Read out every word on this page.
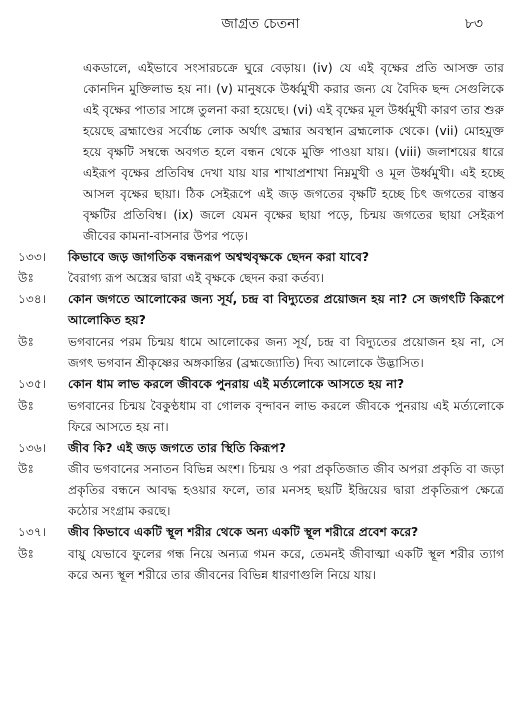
জাগ্রত চেতনা	৮৩

একডালে, এইভাবে সংসারচক্রে ঘুরে বেড়ায়। (iv) যে এই বৃক্ষের প্রতি আসক্ত তার কোনদিন মুক্তিলাভ হয় না। (v) মানুষকে উর্ধ্বমুখী করার জন্য যে বৈদিক ছন্দ সেগুলিকে এই বৃক্ষের পাতার সাঙ্গে তুলনা করা হয়েছে। (vi) এই বৃক্ষের মূল উর্ধ্বমুখী কারণ তার শুরু হয়েছে ব্রহ্মাণ্ডের সর্বোচ্চ লোক অর্থাৎ ব্রহ্মার অবস্থান ব্রহ্মলোক থেকে। (vii) মোহমুক্ত হয়ে বৃক্ষটি সম্বন্ধে অবগত হলে বন্ধন থেকে মুক্তি পাওয়া যায়। (viii) জলাশয়ের ধারে এইরূপ বৃক্ষের প্রতিবিম্ব দেখা যায় যার শাখাপ্রশাখা নিম্নমুখী ও মূল উর্ধ্বমুখী। এই হচ্ছে আসল বৃক্ষের ছায়া। ঠিক সেইরূপে এই জড় জগতের বৃক্ষটি হচ্ছে চিৎ জগতের বাস্তব বৃক্ষটির প্রতিবিম্ব। (ix) জলে যেমন বৃক্ষের ছায়া পড়ে, চিন্ময় জগতের ছায়া সেইরূপ জীবের কামনা-বাসনার উপর পড়ে।

১৩৩।	কিভাবে জড় জাগতিক বন্ধনরূপ অশ্বত্থবৃক্ষকে ছেদন করা যাবে?
উঃ	বৈরাগ্য রূপ অস্ত্রের দ্বারা এই বৃক্ষকে ছেদন করা কর্তব্য।
১৩৪।	কোন জগতে আলোকের জন্য সূর্য, চন্দ্র বা বিদ্যুতের প্রয়োজন হয় না? সে জগৎটি কিরূপে আলোকিত হয়?
উঃ	ভগবানের পরম চিন্ময় ধামে আলোকের জন্য সূর্য, চন্দ্র বা বিদ্যুতের প্রয়োজন হয় না, সে জগৎ ভগবান শ্রীকৃষ্ণের অঙ্গকান্তির (ব্রহ্মজ্যোতি) দিব্য আলোকে উদ্ভাসিত।
১৩৫।	কোন ধাম লাভ করলে জীবকে পুনরায় এই মর্ত্যলোকে আসতে হয় না?
উঃ	ভগবানের চিন্ময় বৈকুণ্ঠধাম বা গোলক বৃন্দাবন লাভ করলে জীবকে পুনরায় এই মর্ত্যলোকে ফিরে আসতে হয় না।
১৩৬।	জীব কি? এই জড় জগতে তার স্থিতি কিরূপ?
উঃ	জীব ভগবানের সনাতন বিভিন্ন অংশ। চিন্ময় ও পরা প্রকৃতিজাত জীব অপরা প্রকৃতি বা জড়া প্রকৃতির বন্ধনে আবদ্ধ হওয়ার ফলে, তার মনসহ ছয়টি ইন্দ্রিয়ের দ্বারা প্রকৃতিরূপ ক্ষেত্রে কঠোর সংগ্রাম করছে।
১৩৭।	জীব কিভাবে একটি স্থূল শরীর থেকে অন্য একটি স্থূল শরীরে প্রবেশ করে?
উঃ	বায়ু যেভাবে ফুলের গন্ধ নিয়ে অন্যত্র গমন করে, তেমনই জীবাত্মা একটি স্থূল শরীর ত্যাগ করে অন্য স্থূল শরীরে তার জীবনের বিভিন্ন ধারণাগুলি নিয়ে যায়।
